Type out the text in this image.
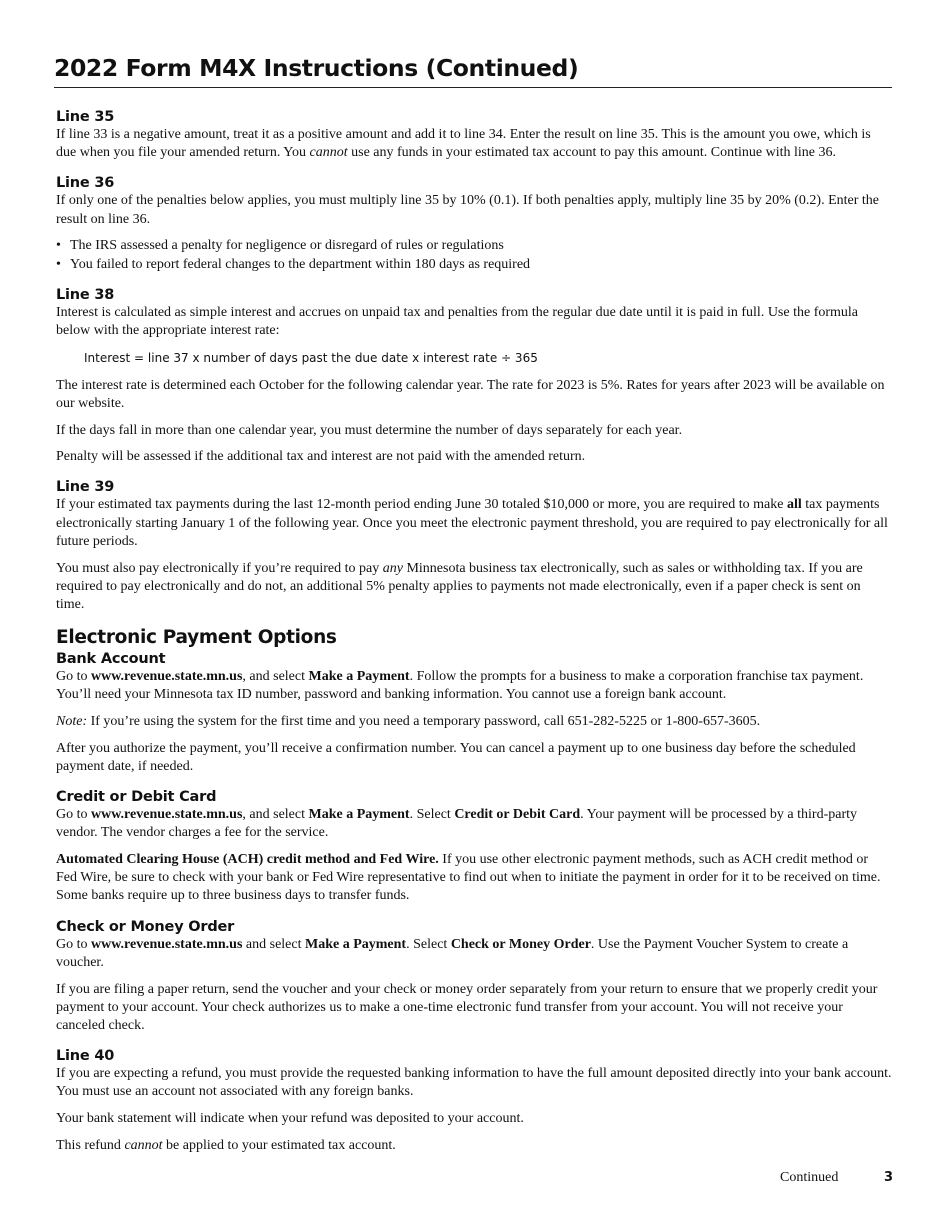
2022 Form M4X Instructions (Continued)
Line 35

If line 33 is a negative amount, treat it as a positive amount and add it to line 34. Enter the result on line 35. This is the amount you owe, which is due when you file your amended return. You cannot use any funds in your estimated tax account to pay this amount. Continue with line 36.

Line 36

If only one of the penalties below applies, you must multiply line 35 by 10% (0.1). If both penalties apply, multiply line 35 by 20% (0.2). Enter the result on line 36.

• The IRS assessed a penalty for negligence or disregard of rules or regulations
• You failed to report federal changes to the department within 180 days as required
Line 38

Interest is calculated as simple interest and accrues on unpaid tax and penalties from the regular due date until it is paid in full. Use the formula below with the appropriate interest rate:

Interest = line 37 x number of days past the due date x interest rate ÷ 365

The interest rate is determined each October for the following calendar year. The rate for 2023 is 5%. Rates for years after 2023 will be available on our website.

If the days fall in more than one calendar year, you must determine the number of days separately for each year.

Penalty will be assessed if the additional tax and interest are not paid with the amended return.

Line 39

If your estimated tax payments during the last 12-month period ending June 30 totaled $10,000 or more, you are required to make all tax payments electronically starting January 1 of the following year. Once you meet the electronic payment threshold, you are required to pay electronically for all future periods.

You must also pay electronically if you’re required to pay any Minnesota business tax electronically, such as sales or withholding tax. If you are required to pay electronically and do not, an additional 5% penalty applies to payments not made electronically, even if a paper check is sent on time.

Electronic Payment Options
Bank Account

Go to www.revenue.state.mn.us, and select Make a Payment. Follow the prompts for a business to make a corporation franchise tax payment. You’ll need your Minnesota tax ID number, password and banking information. You cannot use a foreign bank account.

Note: If you’re using the system for the first time and you need a temporary password, call 651-282-5225 or 1-800-657-3605.

After you authorize the payment, you’ll receive a confirmation number. You can cancel a payment up to one business day before the scheduled payment date, if needed.

Credit or Debit Card

Go to www.revenue.state.mn.us, and select Make a Payment. Select Credit or Debit Card. Your payment will be processed by a third-party vendor. The vendor charges a fee for the service.

Automated Clearing House (ACH) credit method and Fed Wire. If you use other electronic payment methods, such as ACH credit method or Fed Wire, be sure to check with your bank or Fed Wire representative to find out when to initiate the payment in order for it to be received on time. Some banks require up to three business days to transfer funds.

Check or Money Order

Go to www.revenue.state.mn.us and select Make a Payment. Select Check or Money Order. Use the Payment Voucher System to create a voucher.

If you are filing a paper return, send the voucher and your check or money order separately from your return to ensure that we properly credit your payment to your account. Your check authorizes us to make a one-time electronic fund transfer from your account. You will not receive your canceled check.

Line 40

If you are expecting a refund, you must provide the requested banking information to have the full amount deposited directly into your bank account. You must use an account not associated with any foreign banks.

Your bank statement will indicate when your refund was deposited to your account.

This refund cannot be applied to your estimated tax account.

Continued	3
